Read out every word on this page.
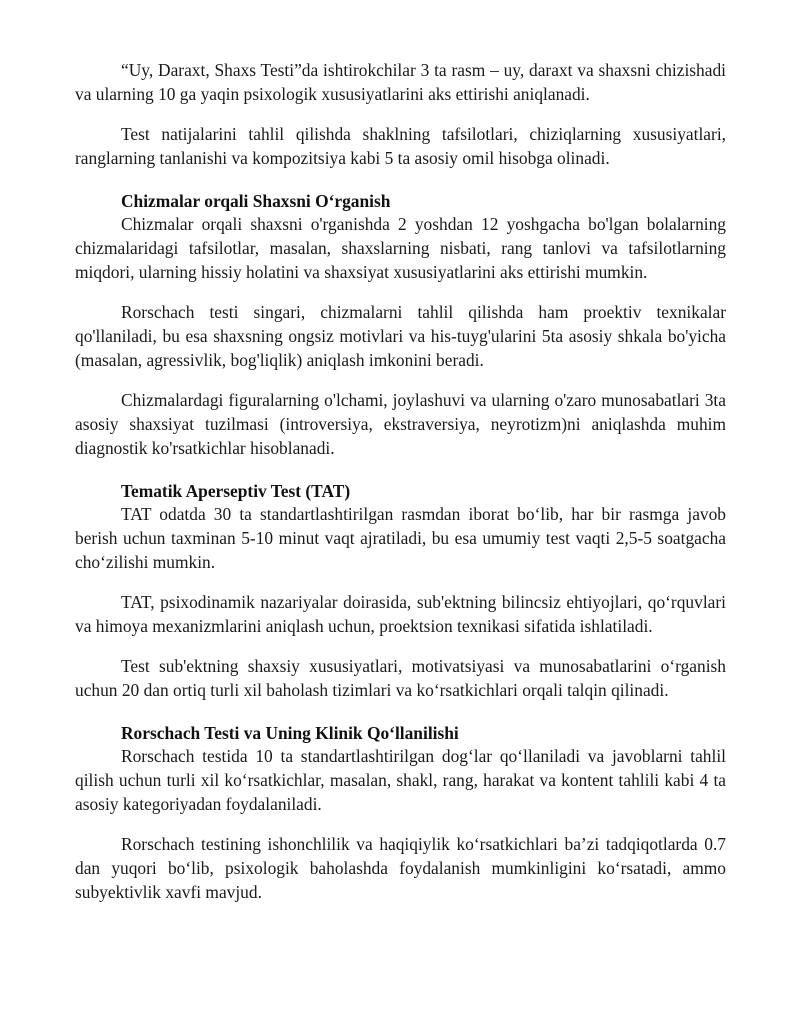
“Uy, Daraxt, Shaxs Testi”da ishtirokchilar 3 ta rasm – uy, daraxt va shaxsni chizishadi va ularning 10 ga yaqin psixologik xususiyatlarini aks ettirishi aniqlanadi.

Test natijalarini tahlil qilishda shaklning tafsilotlari, chiziqlarning xususiyatlari, ranglarning tanlanishi va kompozitsiya kabi 5 ta asosiy omil hisobga olinadi.

Chizmalar orqali Shaxsni O‘rganish

Chizmalar orqali shaxsni o'rganishda 2 yoshdan 12 yoshgacha bo'lgan bolalarning chizmalaridagi tafsilotlar, masalan, shaxslarning nisbati, rang tanlovi va tafsilotlarning miqdori, ularning hissiy holatini va shaxsiyat xususiyatlarini aks ettirishi mumkin.

Rorschach testi singari, chizmalarni tahlil qilishda ham proektiv texnikalar qo'llaniladi, bu esa shaxsning ongsiz motivlari va his-tuyg'ularini 5ta asosiy shkala bo'yicha (masalan, agressivlik, bog'liqlik) aniqlash imkonini beradi.

Chizmalardagi figuralarning o'lchami, joylashuvi va ularning o'zaro munosabatlari 3ta asosiy shaxsiyat tuzilmasi (introversiya, ekstraversiya, neyrotizm)ni aniqlashda muhim diagnostik ko'rsatkichlar hisoblanadi.

Tematik Aperseptiv Test (TAT)

TAT odatda 30 ta standartlashtirilgan rasmdan iborat bo‘lib, har bir rasmga javob berish uchun taxminan 5-10 minut vaqt ajratiladi, bu esa umumiy test vaqti 2,5-5 soatgacha cho‘zilishi mumkin.

TAT, psixodinamik nazariyalar doirasida, sub'ektning bilincsiz ehtiyojlari, qo‘rquvlari va himoya mexanizmlarini aniqlash uchun, proektsion texnikasi sifatida ishlatiladi.

Test sub'ektning shaxsiy xususiyatlari, motivatsiyasi va munosabatlarini o‘rganish uchun 20 dan ortiq turli xil baholash tizimlari va ko‘rsatkichlari orqali talqin qilinadi.

Rorschach Testi va Uning Klinik Qo‘llanilishi

Rorschach testida 10 ta standartlashtirilgan dog‘lar qo‘llaniladi va javoblarni tahlil qilish uchun turli xil ko‘rsatkichlar, masalan, shakl, rang, harakat va kontent tahlili kabi 4 ta asosiy kategoriyadan foydalaniladi.

Rorschach testining ishonchlilik va haqiqiylik ko‘rsatkichlari ba’zi tadqiqotlarda 0.7 dan yuqori bo‘lib, psixologik baholashda foydalanish mumkinligini ko‘rsatadi, ammo subyektivlik xavfi mavjud.
